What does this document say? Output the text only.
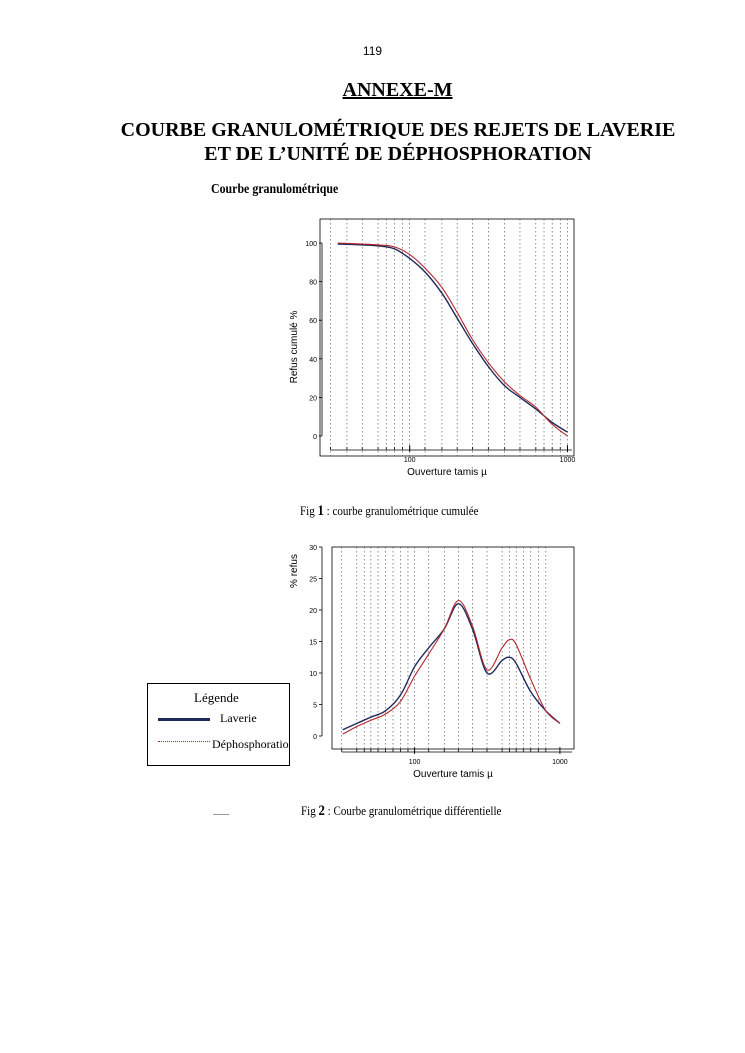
119
ANNEXE-M
COURBE GRANULOMÉTRIQUE DES REJETS DE LAVERIE ET DE L’UNITÉ DE DÉPHOSPHORATION
Courbe granulométrique
0
20
40
60
80
100
100	1000
Ouverture tamis µ
Refus cumulé %
0
5
10
15
20
25
30
100	1000
Ouverture tamis µ
% refus
Fig 1 : courbe granulométrique cumulée
Fig 2 : Courbe granulométrique différentielle
Légende
Laverie
Déphosphoratio
